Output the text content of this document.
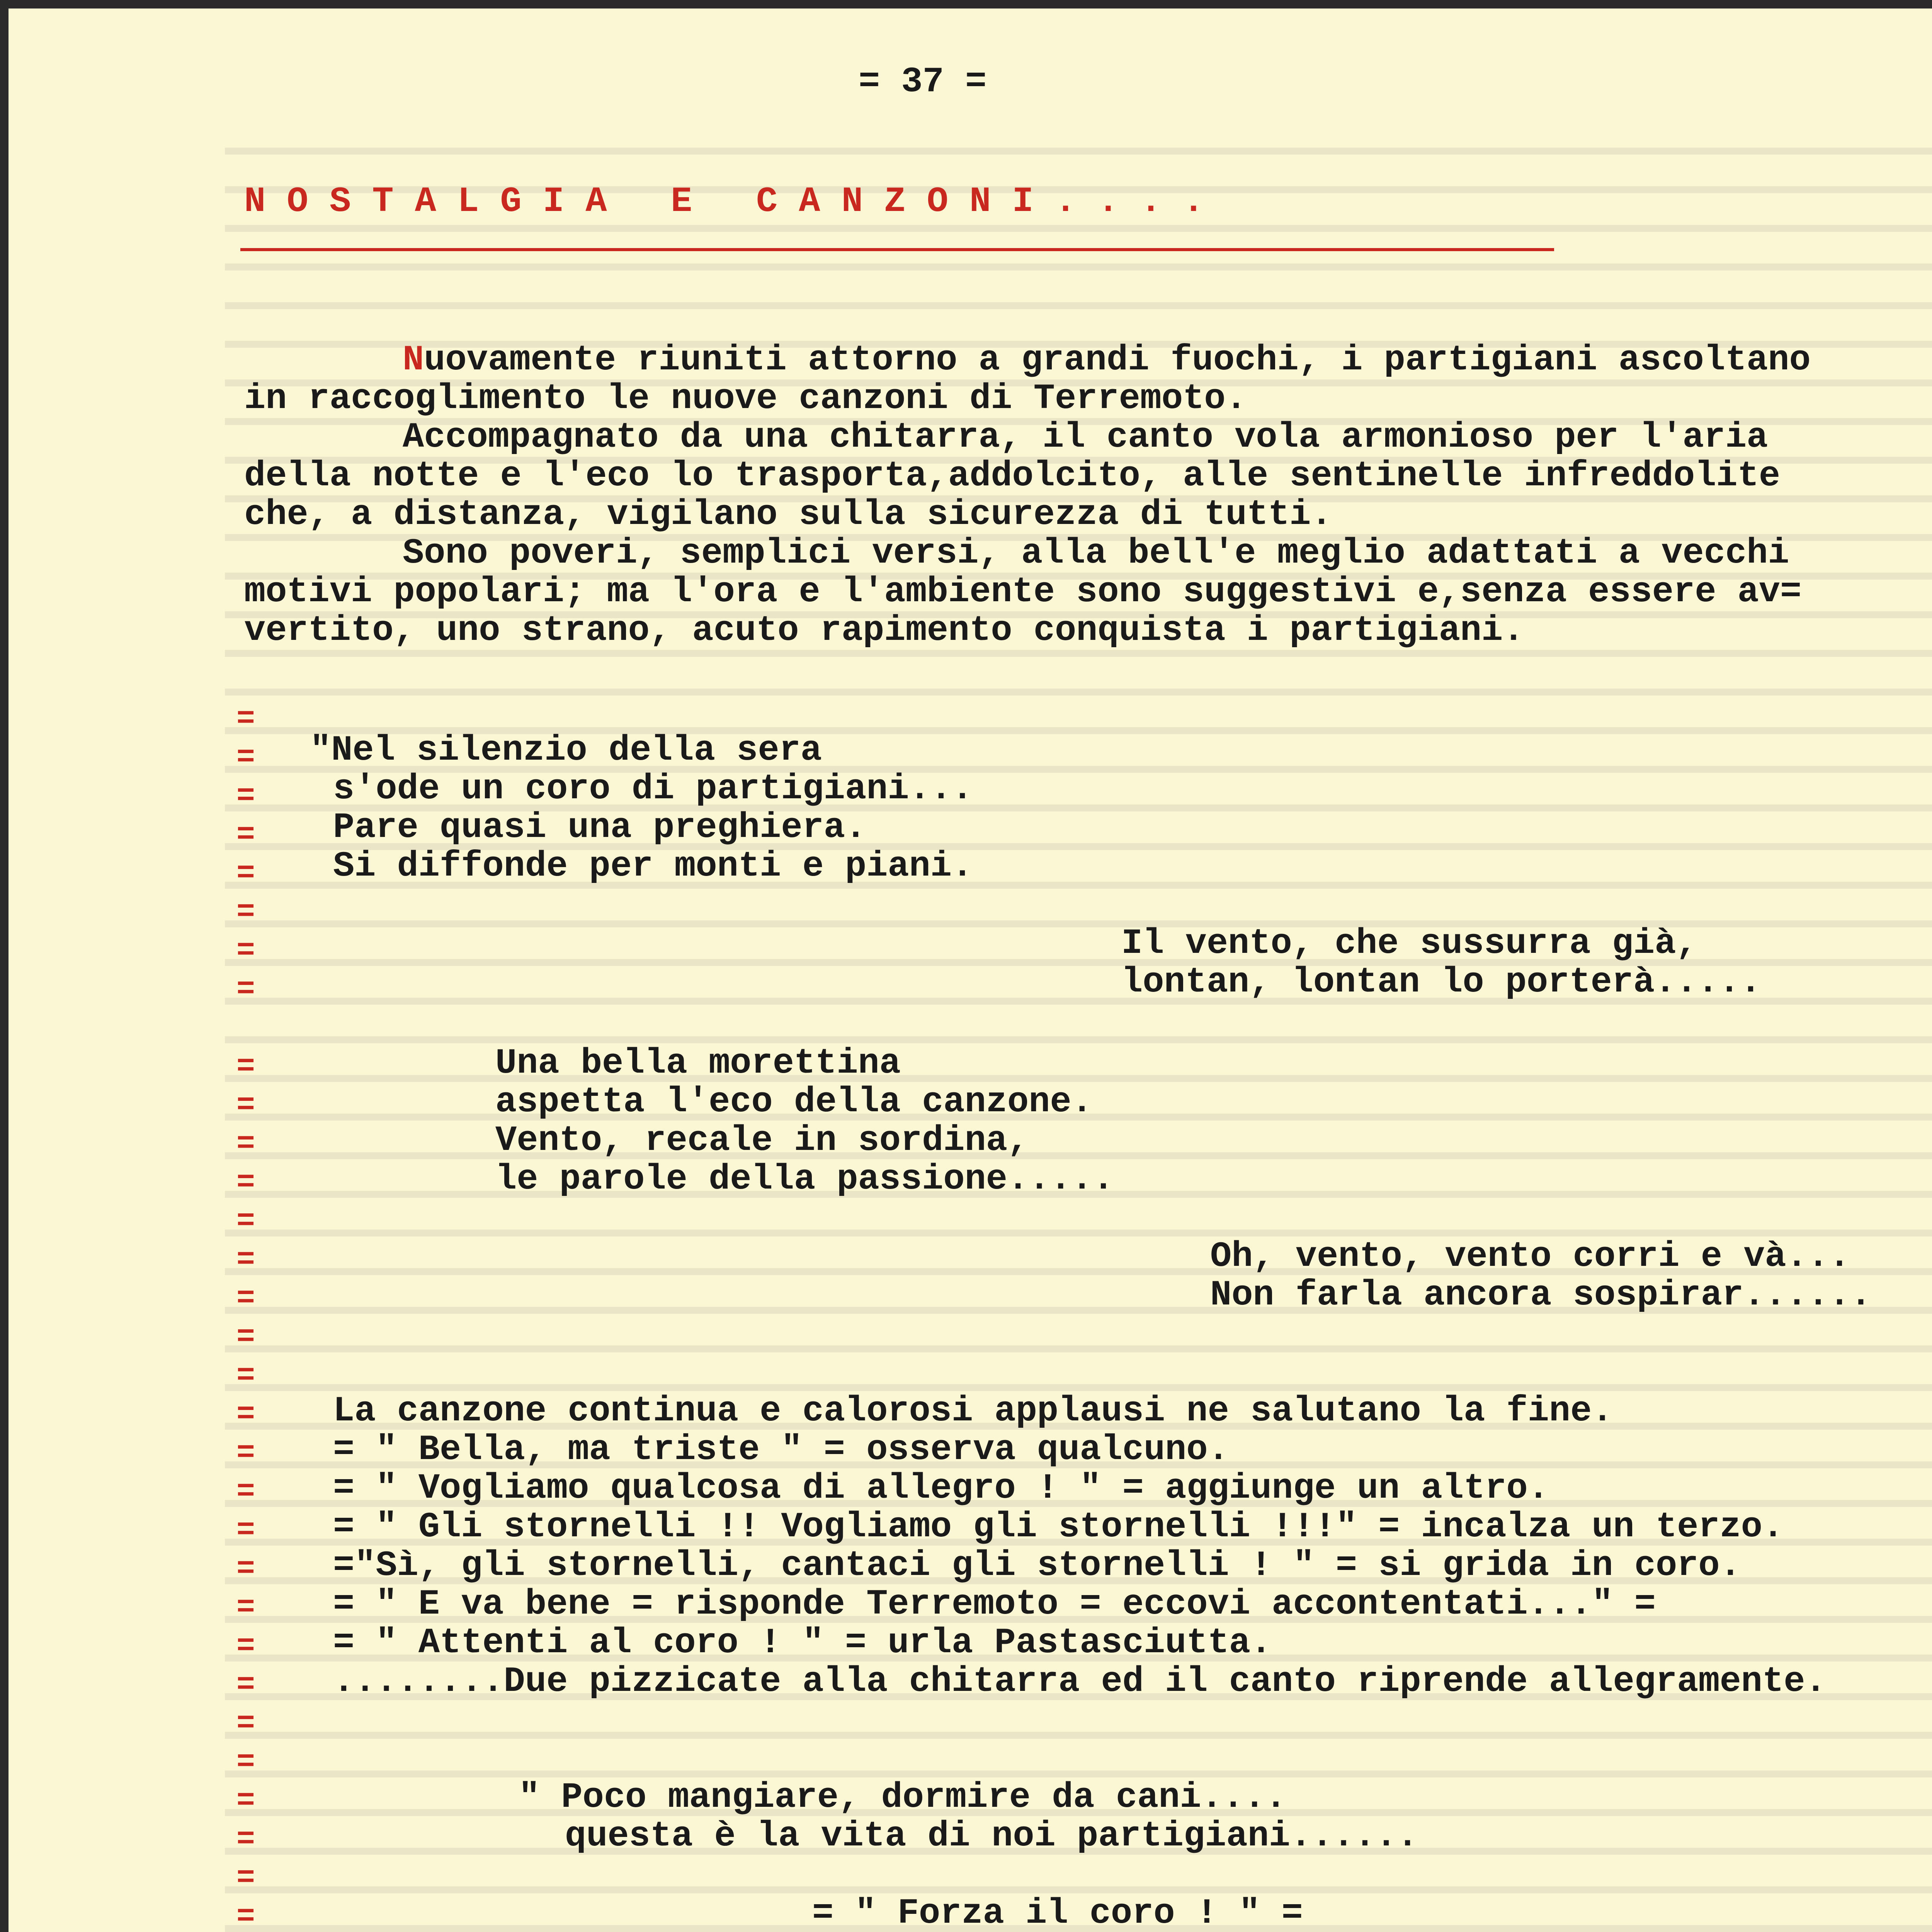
= 37 =

N O S T A L G I A   E   C A N Z O N I . . . .

Nuovamente riuniti attorno a grandi fuochi, i partigiani ascoltano

in raccoglimento le nuove canzoni di Terremoto.

Accompagnato da una chitarra, il canto vola armonioso per l'aria

della notte e l'eco lo trasporta,addolcito, alle sentinelle infreddolite

che, a distanza, vigilano sulla sicurezza di tutti.

Sono poveri, semplici versi, alla bell'e meglio adattati a vecchi

motivi popolari; ma l'ora e l'ambiente sono suggestivi e,senza essere av=

vertito, uno strano, acuto rapimento conquista i partigiani.

=
=
=
=
=
=
=
=

=
=
=
=
=
=
=
=
=
=
=
=
=
=
=
=
=
=
=
=
=
=
=

"Nel silenzio della sera

s'ode un coro di partigiani...

Pare quasi una preghiera.

Si diffonde per monti e piani.

Il vento, che sussurra già,

lontan, lontan lo porterà.....

Una bella morettina

aspetta l'eco della canzone.

Vento, recale in sordina,

le parole della passione.....

Oh, vento, vento corri e và...

Non farla ancora sospirar......

La canzone continua e calorosi applausi ne salutano la fine.

= " Bella, ma triste " = osserva qualcuno.

= " Vogliamo qualcosa di allegro ! " = aggiunge un altro.

= " Gli stornelli !! Vogliamo gli stornelli !!!" = incalza un terzo.

="Sì, gli stornelli, cantaci gli stornelli ! " = si grida in coro.

= " E va bene = risponde Terremoto = eccovi accontentati..." =

= " Attenti al coro ! " = urla Pastasciutta.

........Due pizzicate alla chitarra ed il canto riprende allegramente.

" Poco mangiare, dormire da cani....

questa è la vita di noi partigiani......

= " Forza il coro ! " =
